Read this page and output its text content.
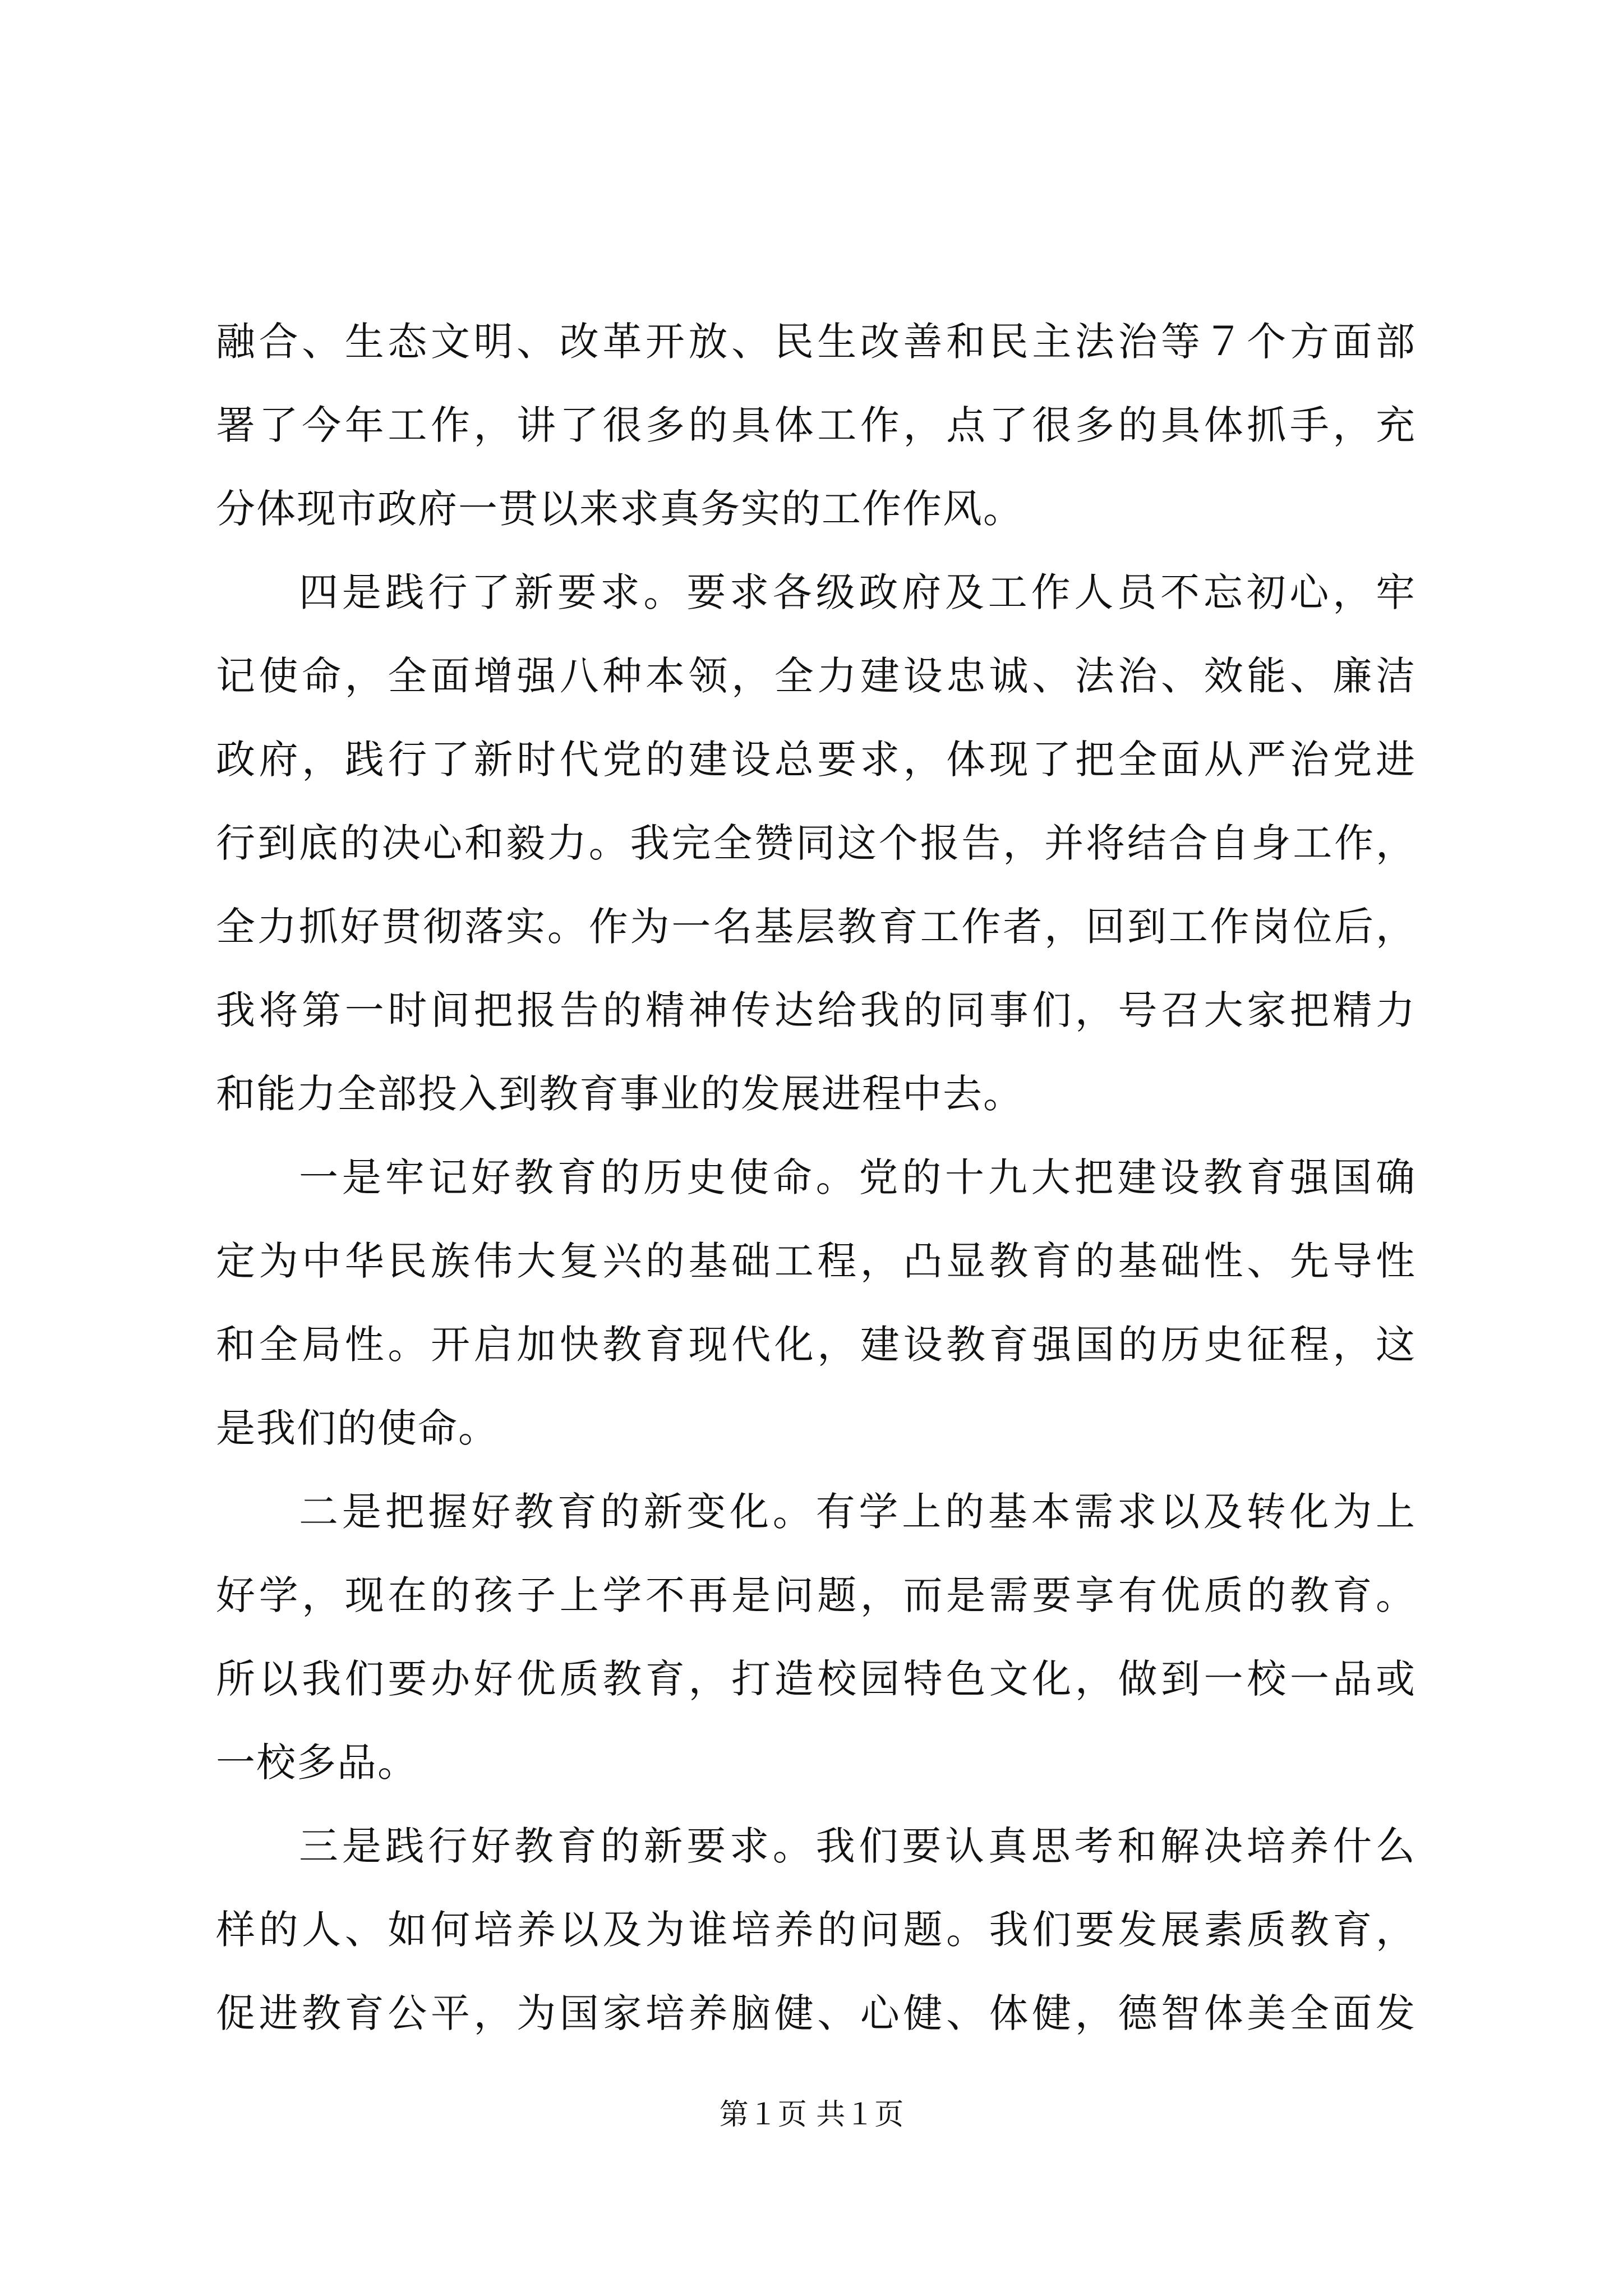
融合、生态文明、改革开放、民生改善和民主法治等７个方面部
署了今年工作，讲了很多的具体工作，点了很多的具体抓手，充
分体现市政府一贯以来求真务实的工作作风。
四是践行了新要求。要求各级政府及工作人员不忘初心，牢
记使命，全面增强八种本领，全力建设忠诚、法治、效能、廉洁
政府，践行了新时代党的建设总要求，体现了把全面从严治党进
行到底的决心和毅力。我完全赞同这个报告，并将结合自身工作，
全力抓好贯彻落实。作为一名基层教育工作者，回到工作岗位后，
我将第一时间把报告的精神传达给我的同事们，号召大家把精力
和能力全部投入到教育事业的发展进程中去。
一是牢记好教育的历史使命。党的十九大把建设教育强国确
定为中华民族伟大复兴的基础工程，凸显教育的基础性、先导性
和全局性。开启加快教育现代化，建设教育强国的历史征程，这
是我们的使命。
二是把握好教育的新变化。有学上的基本需求以及转化为上
好学，现在的孩子上学不再是问题，而是需要享有优质的教育。
所以我们要办好优质教育，打造校园特色文化，做到一校一品或
一校多品。
三是践行好教育的新要求。我们要认真思考和解决培养什么
样的人、如何培养以及为谁培养的问题。我们要发展素质教育，
促进教育公平，为国家培养脑健、心健、体健，德智体美全面发
第１页 共１页
